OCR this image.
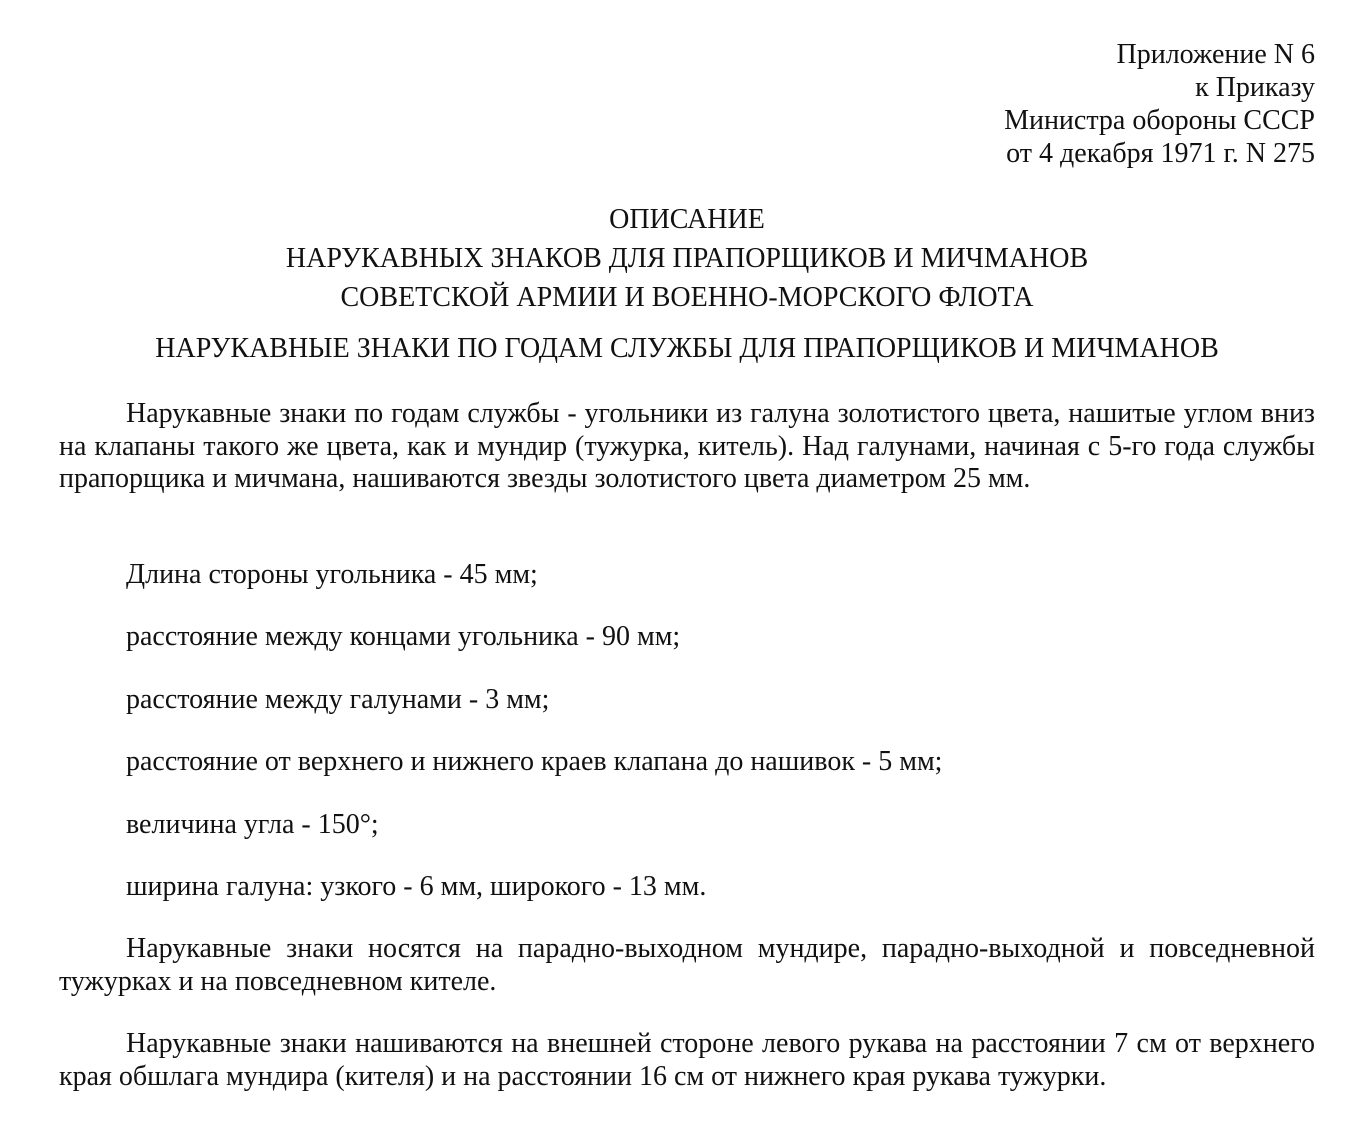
Приложение N 6
к Приказу
Министра обороны СССР
от 4 декабря 1971 г. N 275
ОПИСАНИЕ
НАРУКАВНЫХ ЗНАКОВ ДЛЯ ПРАПОРЩИКОВ И МИЧМАНОВ
СОВЕТСКОЙ АРМИИ И ВОЕННО-МОРСКОГО ФЛОТА
НАРУКАВНЫЕ ЗНАКИ ПО ГОДАМ СЛУЖБЫ ДЛЯ ПРАПОРЩИКОВ И МИЧМАНОВ

Нарукавные знаки по годам службы - угольники из галуна золотистого цвета, нашитые углом вниз на клапаны такого же цвета, как и мундир (тужурка, китель). Над галунами, начиная с 5-го года службы прапорщика и мичмана, нашиваются звезды золотистого цвета диаметром 25 мм.

Длина стороны угольника - 45 мм;
расстояние между концами угольника - 90 мм;
расстояние между галунами - 3 мм;
расстояние от верхнего и нижнего краев клапана до нашивок - 5 мм;
величина угла - 150°;
ширина галуна: узкого - 6 мм, широкого - 13 мм.

Нарукавные знаки носятся на парадно-выходном мундире, парадно-выходной и повседневной тужурках и на повседневном кителе.

Нарукавные знаки нашиваются на внешней стороне левого рукава на расстоянии 7 см от верхнего края обшлага мундира (кителя) и на расстоянии 16 см от нижнего края рукава тужурки.
